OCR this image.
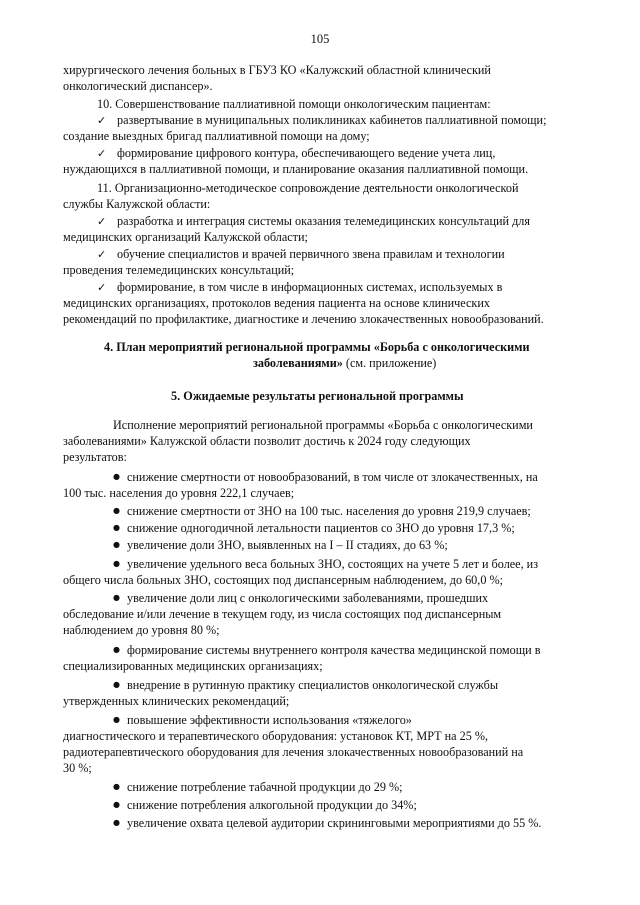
105
хирургического лечения больных в ГБУЗ КО «Калужский областной клинический
онкологический диспансер».
10. Совершенствование паллиативной помощи онкологическим пациентам:
✓ развертывание в муниципальных поликлиниках кабинетов паллиативной помощи;
создание выездных бригад паллиативной помощи на дому;
✓ формирование цифрового контура, обеспечивающего ведение учета лиц,
нуждающихся в паллиативной помощи, и планирование оказания паллиативной помощи.
11. Организационно-методическое сопровождение деятельности онкологической
службы Калужской области:
✓ разработка и интеграция системы оказания телемедицинских консультаций для
медицинских организаций Калужской области;
✓ обучение специалистов и врачей первичного звена правилам и технологии
проведения телемедицинских консультаций;
✓ формирование, в том числе в информационных системах, используемых в
медицинских организациях, протоколов ведения пациента на основе клинических
рекомендаций по профилактике, диагностике и лечению злокачественных новообразований.
4. План мероприятий региональной программы «Борьба с онкологическими
заболеваниями» (см. приложение)
5. Ожидаемые результаты региональной программы
Исполнение мероприятий региональной программы «Борьба с онкологическими
заболеваниями» Калужской области позволит достичь к 2024 году следующих
результатов:
● снижение смертности от новообразований, в том числе от злокачественных, на
100 тыс. населения до уровня 222,1 случаев;
● снижение смертности от ЗНО на 100 тыс. населения до уровня 219,9 случаев;
● снижение одногодичной летальности пациентов со ЗНО до уровня 17,3 %;
● увеличение доли ЗНО, выявленных на I – II стадиях, до 63 %;
● увеличение удельного веса больных ЗНО, состоящих на учете 5 лет и более, из
общего числа больных ЗНО, состоящих под диспансерным наблюдением, до 60,0 %;
● увеличение доли лиц с онкологическими заболеваниями, прошедших
обследование и/или лечение в текущем году, из числа состоящих под диспансерным
наблюдением до уровня 80 %;
● формирование системы внутреннего контроля качества медицинской помощи в
специализированных медицинских организациях;
● внедрение в рутинную практику специалистов онкологической службы
утвержденных клинических рекомендаций;
● повышение эффективности использования «тяжелого»
диагностического и терапевтического оборудования: установок КТ, МРТ на 25 %,
радиотерапевтического оборудования для лечения злокачественных новообразований на
30 %;
● снижение потребление табачной продукции до 29 %;
● снижение потребления алкогольной продукции до 34%;
● увеличение охвата целевой аудитории скрининговыми мероприятиями до 55 %.
